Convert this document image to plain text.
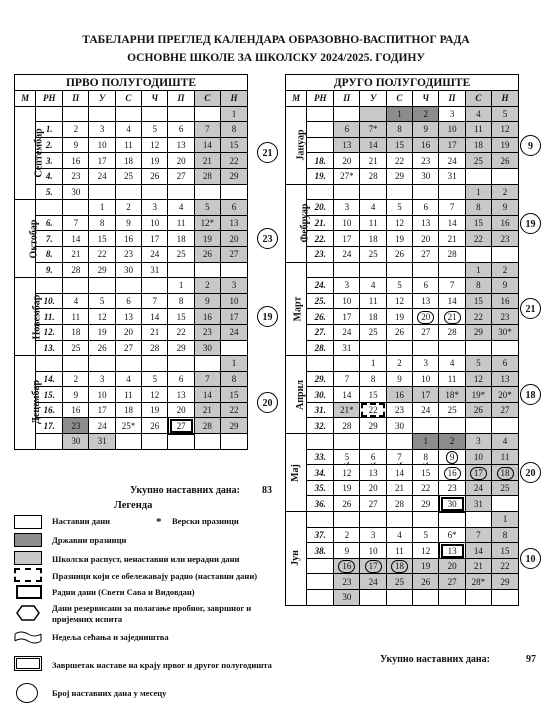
ТАБЕЛАРНИ ПРЕГЛЕД КАЛЕНДАРА ОБРАЗОВНО-ВАСПИТНОГ РАДА
ОСНОВНЕ ШКОЛЕ ЗА ШКОЛСКУ 2024/2025. ГОДИНУ
ПРВО ПОЛУГОДИШТЕ
21
23
19
20
М	РН	П	У	С	Ч	П	С	Н
Септембар								1
	1.	2	3	4	5	6	7	8
	2.	9	10	11	12	13	14	15
	3.	16	17	18	19	20	21	22
	4.	23	24	25	26	27	28	29
	5.	30						
Октобар			1	2	3	4	5	6
	6.	7	8	9	10	11	12*	13
	7.	14	15	16	17	18	19	20
	8.	21	22	23	24	25	26	27
	9.	28	29	30	31			
Новембар						1	2	3
	10.	4	5	6	7	8	9	10
	11.	11	12	13	14	15	16	17
	12.	18	19	20	21	22	23	24
	13.	25	26	27	28	29	30	
Децембар								1
	14.	2	3	4	5	6	7	8
	15.	9	10	11	12	13	14	15
	16.	16	17	18	19	20	21	22
	17.	23	24	25*	26	27	28	29
		30	31					
ДРУГО ПОЛУГОДИШТЕ
9
19
21
18
20
10
М	РН	П	У	С	Ч	П	С	Н
Јануар				1	2	3	4	5
		6	7*	8	9	10	11	12
		13	14	15	16	17	18	19
	18.	20	21	22	23	24	25	26
	19.	27*	28	29	30	31		
Фебруар							1	2
	20.	3	4	5	6	7	8	9
	21.	10	11	12	13	14	15	16
	22.	17	18	19	20	21	22	23
	23.	24	25	26	27	28		
Март							1	2
	24.	3	4	5	6	7	8	9
	25.	10	11	12	13	14	15	16
	26.	17	18	19	20	21	22	23
	27.	24	25	26	27	28	29	30*
	28.	31						
Април			1	2	3	4	5	6
	29.	7	8	9	10	11	12	13
	30.	14	15	16	17	18*	19*	20*
	31.	21*	22	23	24	25	26	27
	32.	28	29	30				
Мај					1	2	3	4
	33.	5	6	7	8	9	10	11
	34.	12	13	14	15	16	17	18
	35.	19	20	21	22	23	24	25
	36.	26	27	28	29	30	31	
Јун								1
	37.	2	3	4	5	6*	7	8
	38.	9	10	11	12	13	14	15
		16	17	18	19	20	21	22
		23	24	25	26	27	28*	29
		30						
Укупно наставних дана: 83
Укупно наставних дана:	97
Легенда
Наставни дани	* Верски празници
Државни празници
Школски распуст, ненаставни или нерадни дани
Празници који се обележавају радно (наставни дани)
Радни дани (Свети Сава и Видовдан)
Дани резервисани за полагање пробног, завршног и пријемних испита
Недеља сећања и заједништва
Завршетак наставе на крају првог и другог полугодишта
Број наставних дана у месецу
